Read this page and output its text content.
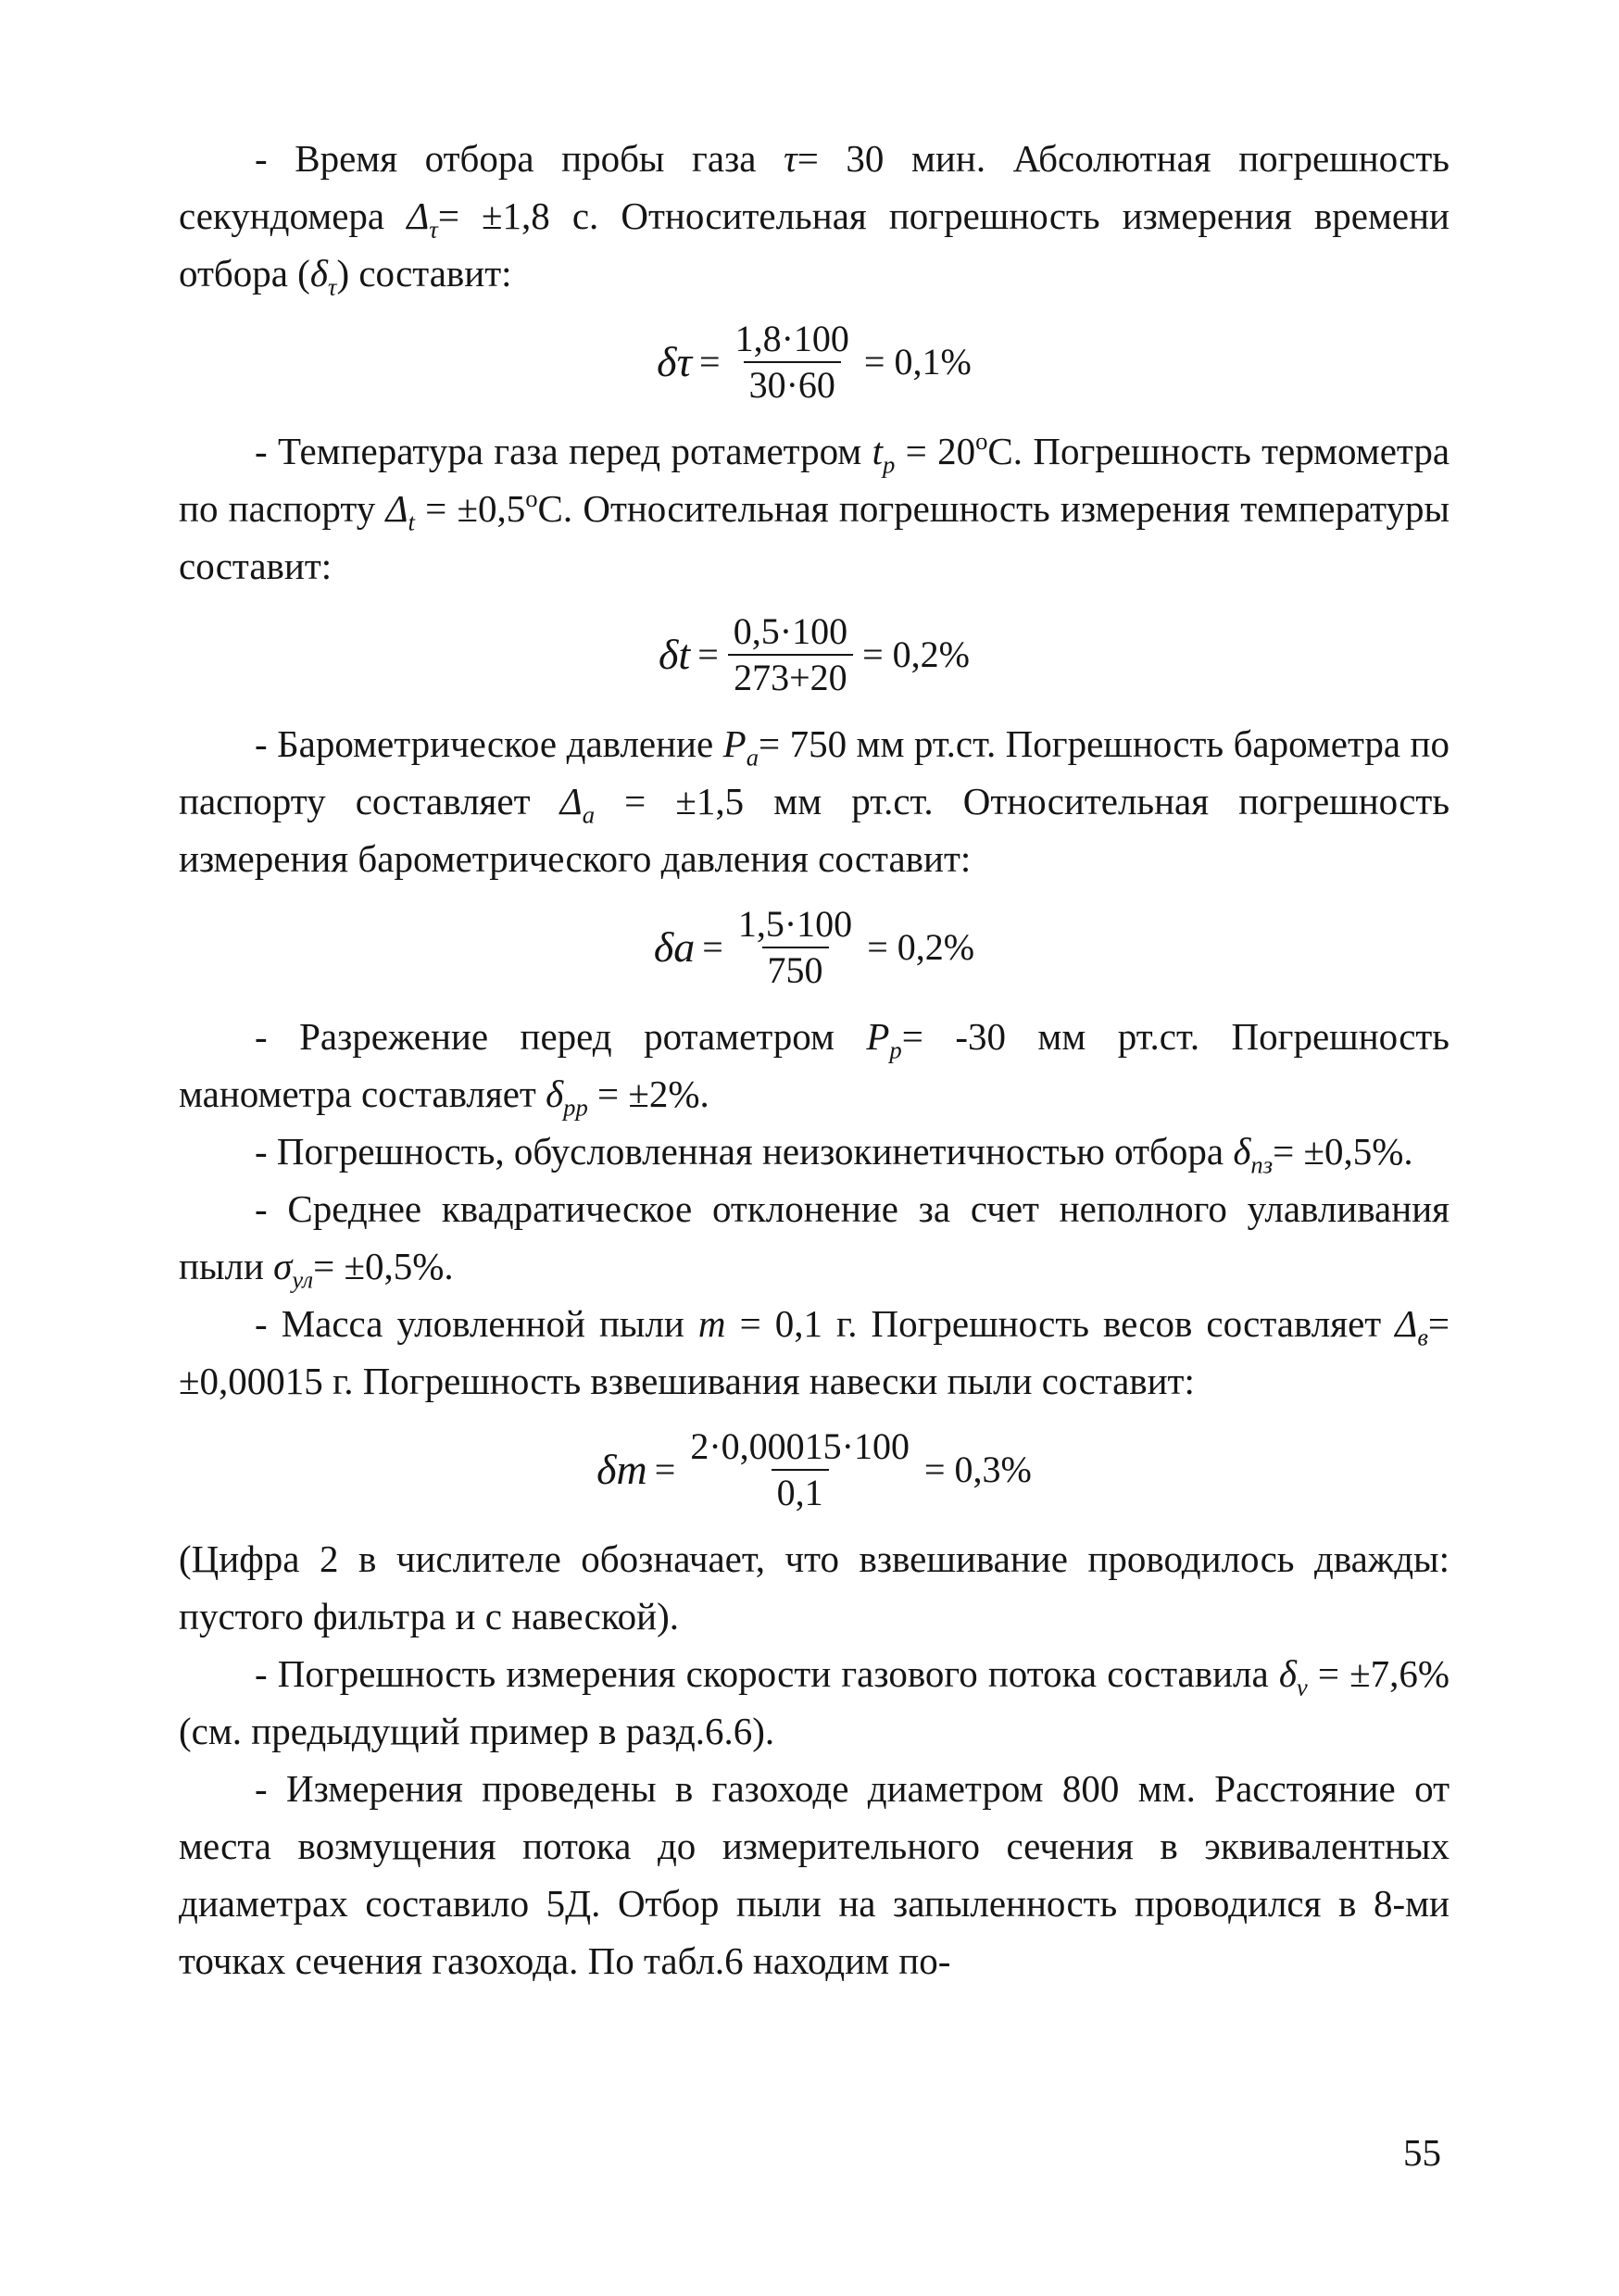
- Время отбора пробы газа τ= 30 мин. Абсолютная погрешность секундомера $\Delta_\tau= \pm 1,8$ с. Относительная погрешность измерения времени отбора $(\delta_\tau)$ составит:

δ $\tau = \frac{1,8\cdot 100}{30\cdot 60} = 0,1\%$

- Температура газа перед ротаметром $t_p = 20^oС$. Погрешность термометра по паспорту $\Delta_t = \pm 0,5^oС$. Относительная погрешность измерения температуры составит:

δ $t = \frac{0,5\cdot 100}{273+20} = 0,2\%$

- Барометрическое давление $P_a= 750$ мм рт.ст. Погрешность барометра по паспорту составляет $\Delta_a = \pm 1,5$ мм рт.ст. Относительная погрешность измерения барометрического давления составит:

δ $a = \frac{1,5\cdot 100}{750} = 0,2\%$

- Разрежение перед ротаметром $P_p= -30$ мм рт.ст. Погрешность манометра составляет $\delta_{pp} = \pm 2\%$.

- Погрешность, обусловленная неизокинетичностью отбора $\delta_{пз}= \pm 0,5\%$.

- Среднее квадратическое отклонение за счет неполного улавливания пыли $\sigma_{ул}= \pm 0,5\%$.

- Масса уловленной пыли m = 0,1 г. Погрешность весов составляет $\Delta_в= \pm 0,00015$ г. Погрешность взвешивания навески пыли составит:

δ $m = \frac{2\cdot 0,00015\cdot 100}{0,1} = 0,3\%$

(Цифра 2 в числителе обозначает, что взвешивание проводилось дважды: пустого фильтра и с навеской).

- Погрешность измерения скорости газового потока составила $\delta_v = \pm 7,6\%$ (см. предыдущий пример в разд.6.6).

- Измерения проведены в газоходе диаметром 800 мм. Расстояние от места возмущения потока до измерительного сечения в эквивалентных диаметрах составило 5Д. Отбор пыли на запыленность проводился в 8-ми точках сечения газохода. По табл.6 находим по-

55
